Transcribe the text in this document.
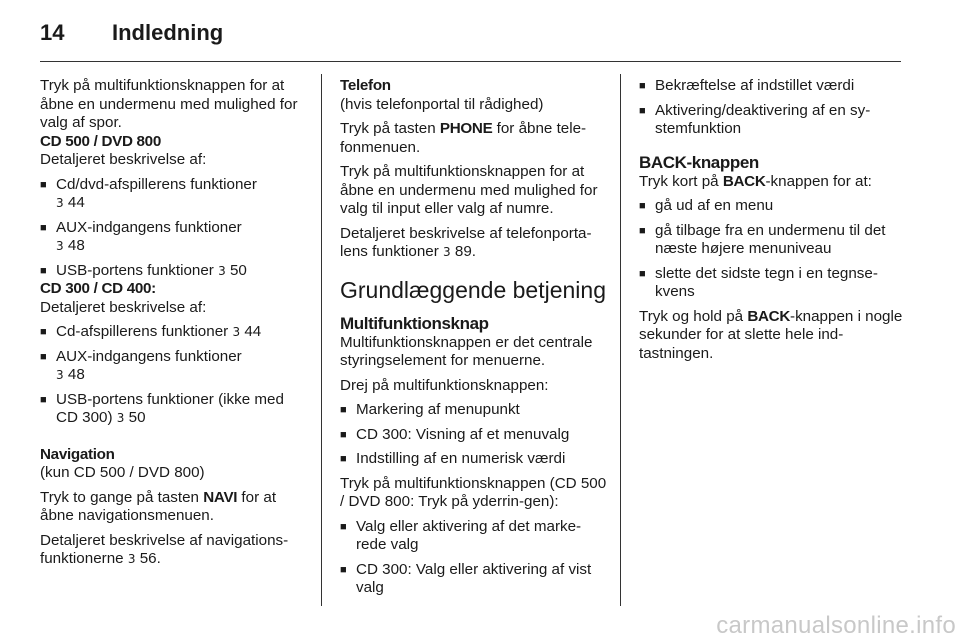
14	Indledning

Tryk på multifunktionsknappen for at åbne en undermenu med mulighed for valg af spor.

CD 500 / DVD 800

Detaljeret beskrivelse af:

■ Cd/dvd-afspillerens funktioner
3 44
■ AUX-indgangens funktioner
3 48
■ USB-portens funktioner 3 50
CD 300 / CD 400:

Detaljeret beskrivelse af:

■ Cd-afspillerens funktioner 3 44
■ AUX-indgangens funktioner
3 48
■ USB-portens funktioner (ikke med CD 300) 3 50
Navigation

(kun CD 500 / DVD 800)

Tryk to gange på tasten NAVI for at åbne navigationsmenuen.

Detaljeret beskrivelse af navigations-funktionerne 3 56.

Telefon

(hvis telefonportal til rådighed)

Tryk på tasten PHONE for åbne tele-fonmenuen.

Tryk på multifunktionsknappen for at åbne en undermenu med mulighed for valg til input eller valg af numre.

Detaljeret beskrivelse af telefonporta-lens funktioner 3 89.

Grundlæggende betjening
Multifunktionsknap

Multifunktionsknappen er det centrale styringselement for menuerne.

Drej på multifunktionsknappen:

■ Markering af menupunkt
■ CD 300: Visning af et menuvalg
■ Indstilling af en numerisk værdi

Tryk på multifunktionsknappen (CD 500 / DVD 800: Tryk på yderrin-gen):

■ Valg eller aktivering af det marke-rede valg
■ CD 300: Valg eller aktivering af vist valg
■ Bekræftelse af indstillet værdi
■ Aktivering/deaktivering af en sy-stemfunktion
BACK-knappen

Tryk kort på BACK-knappen for at:

■ gå ud af en menu
■ gå tilbage fra en undermenu til det næste højere menuniveau
■ slette det sidste tegn i en tegnse-kvens

Tryk og hold på BACK-knappen i nogle sekunder for at slette hele ind-tastningen.

carmanualsonline.info
